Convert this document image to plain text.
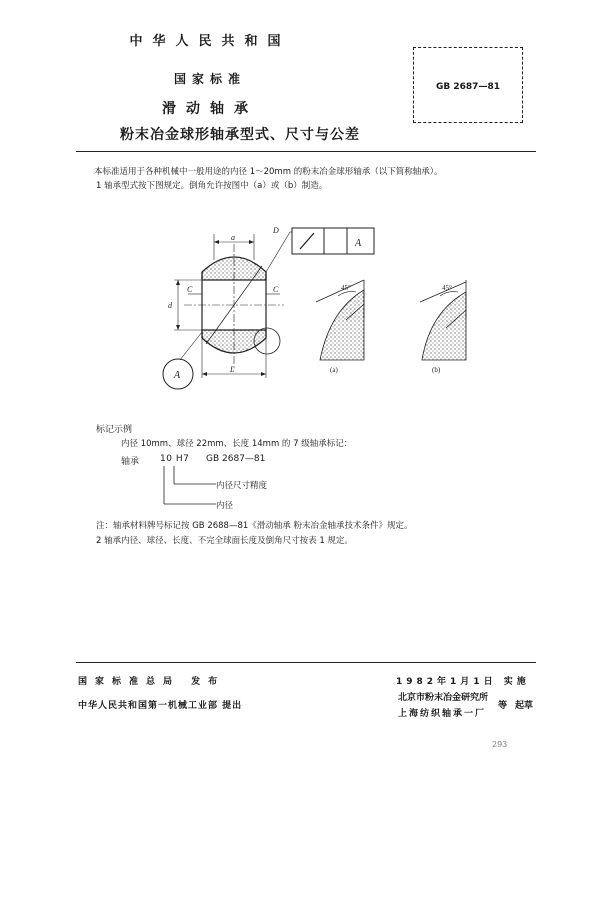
中华人民共和国
国家标准
滑动轴承
粉末冶金球形轴承型式、尺寸与公差
GB 2687—81
本标准适用于各种机械中一般用途的内径 1～20mm 的粉末冶金球形轴承（以下简称轴承）。
1 轴承型式按下图规定。倒角允许按图中（a）或（b）制造。
a
d
L
C	C
D
A
A
45°
(a)
45°
(b)
标记示例
内径 10mm、球径 22mm、长度 14mm 的 7 级轴承标记：
轴承 10 H7 GB 2687—81
内径尺寸精度
内径
注：轴承材料牌号标记按 GB 2688—81《滑动轴承 粉末冶金轴承技术条件》规定。
2 轴承内径、球径、长度、不完全球面长度及倒角尺寸按表 1 规定。
国家标准总局 发布	1982年1月1日 实施
中华人民共和国第一机械工业部 提出
北京市粉末冶金研究所
上海纺织轴承一厂
等 起草
293
